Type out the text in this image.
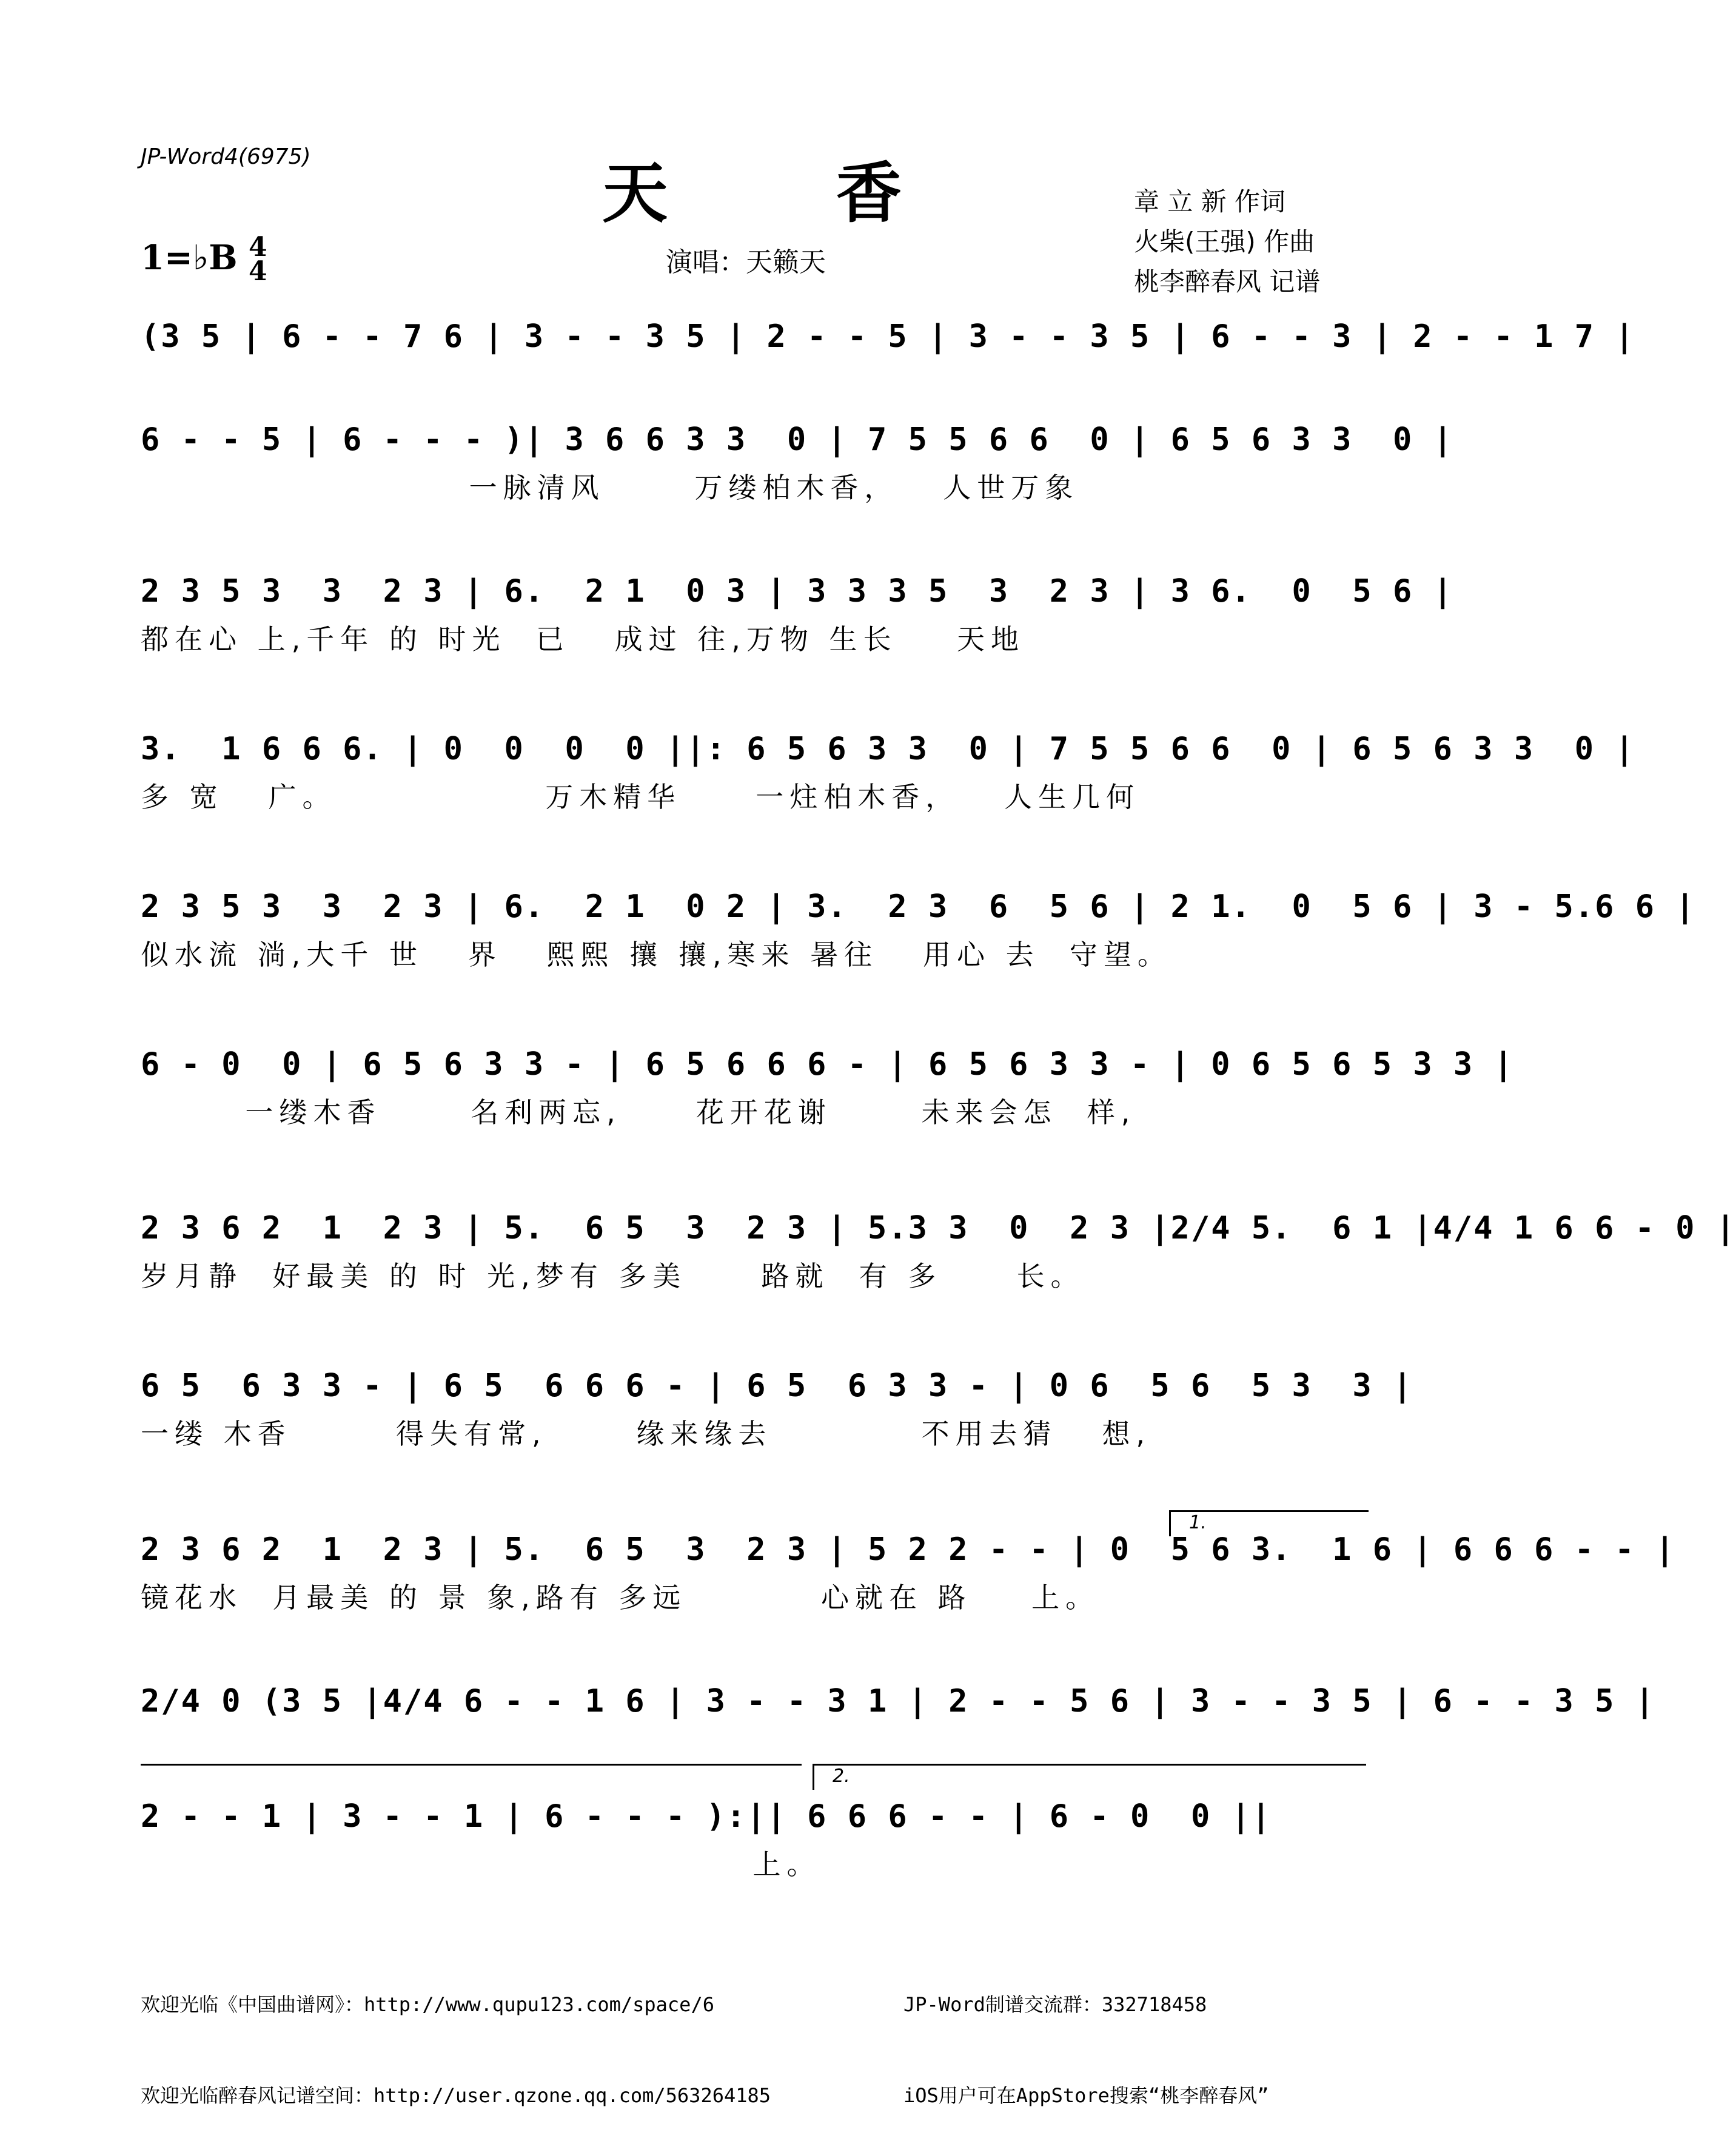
JP-Word4(6975)	天 香
1=♭B 4
4	演唱：天籁天
章 立 新 作词
火柴(王强) 作曲
桃李醉春风 记谱
(3 5 | 6 - - 7 6 | 3 - - 3 5 | 2 - - 5 | 3 - - 3 5 | 6 - - 3 | 2 - - 1 7 |
6 - - 5 | 6 - - - )| 3 6 6 3 3  0 | 7 5 5 6 6  0 | 6 5 6 3 3  0 |
一脉清风      万缕柏木香，   人世万象
2 3 5 3  3  2 3 | 6.  2 1  0 3 | 3 3 3 5  3  2 3 | 3 6.  0  5 6 |
都在心 上,千年 的 时光  已   成过 往,万物 生长    天地
3.  1 6 6 6. | 0  0  0  0 ||: 6 5 6 3 3  0 | 7 5 5 6 6  0 | 6 5 6 3 3  0 |
多 宽   广。              万木精华     一炷柏木香，   人生几何
2 3 5 3  3  2 3 | 6.  2 1  0 2 | 3.  2 3  6  5 6 | 2 1.  0  5 6 | 3 - 5.6 6 |
似水流 淌,大千 世   界   熙熙 攘 攘,寒来 暑往   用心 去  守望。
6 - 0  0 | 6 5 6 3 3 - | 6 5 6 6 6 - | 6 5 6 3 3 - | 0 6 5 6 5 3 3 |
一缕木香      名利两忘,     花开花谢      未来会怎  样,
2 3 6 2  1  2 3 | 5.  6 5  3  2 3 | 5.3 3  0  2 3 |2/4 5.  6 1 |4/4 1 6 6 - 0 |
岁月静  好最美 的 时 光,梦有 多美     路就  有 多     长。
6 5  6 3 3 - | 6 5  6 6 6 - | 6 5  6 3 3 - | 0 6  5 6  5 3  3 |
一缕 木香       得失有常,      缘来缘去          不用去猜   想,
1.
2 3 6 2  1  2 3 | 5.  6 5  3  2 3 | 5 2 2 - - | 0  5 6 3.  1 6 | 6 6 6 - - |
镜花水  月最美 的 景 象,路有 多远         心就在 路    上。
2/4 0 (3 5 |4/4 6 - - 1 6 | 3 - - 3 1 | 2 - - 5 6 | 3 - - 3 5 | 6 - - 3 5 |
2.
2 - - 1 | 3 - - 1 | 6 - - - ):|| 6 6 6 - - | 6 - 0  0 ||
上。

欢迎光临《中国曲谱网》：http://www.qupu123.com/space/6

欢迎光临醉春风记谱空间：http://user.qzone.qq.com/563264185

JP-Word制谱交流群：332718458

iOS用户可在AppStore搜索“桃李醉春风”
